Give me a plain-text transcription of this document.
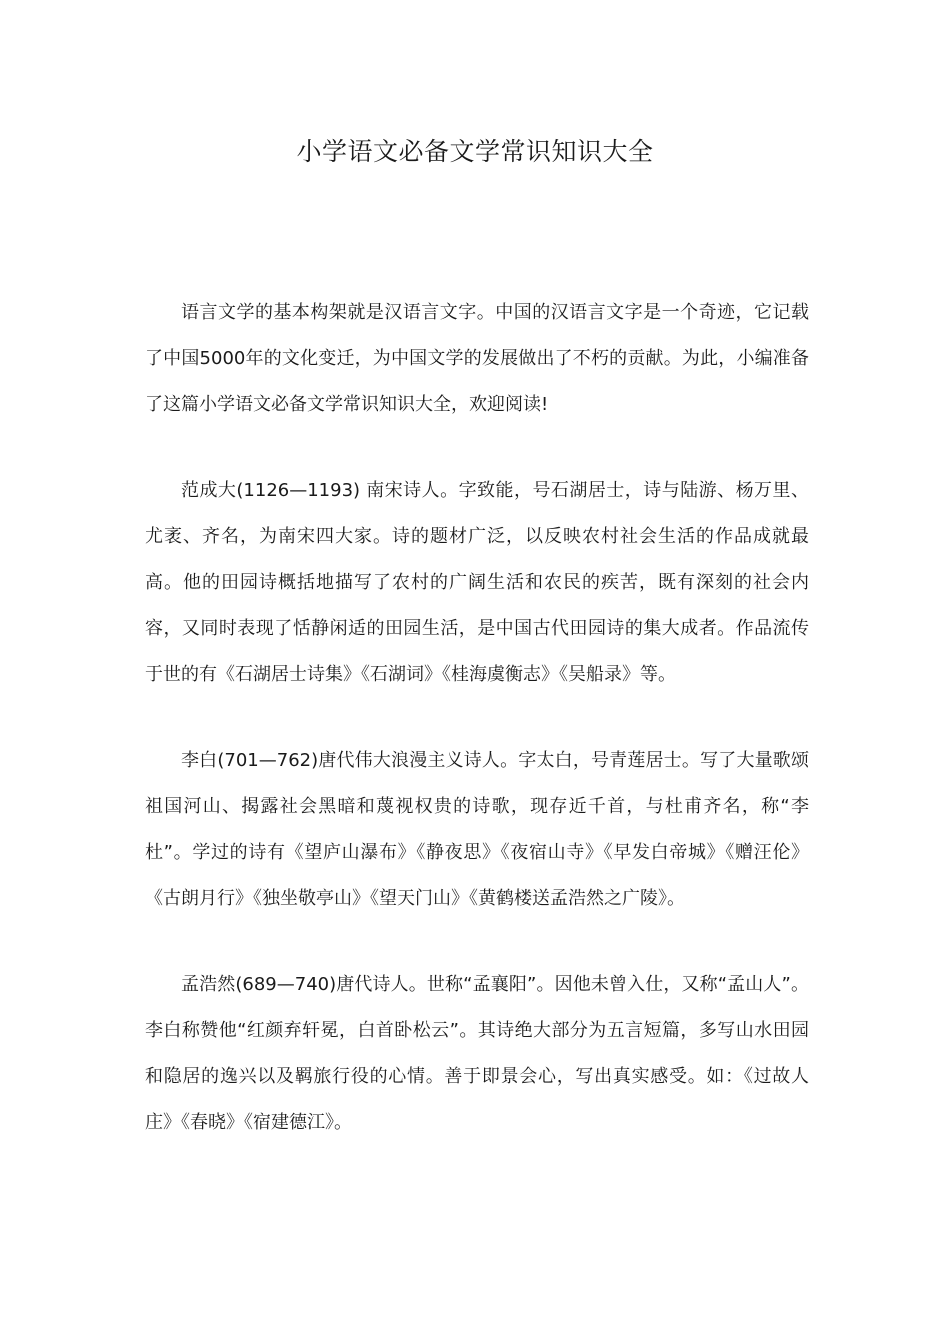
小学语文必备文学常识知识大全

语言文学的基本构架就是汉语言文字。中国的汉语言文字是一个奇迹，它记载了中国5000年的文化变迁，为中国文学的发展做出了不朽的贡献。为此，小编准备了这篇小学语文必备文学常识知识大全，欢迎阅读!

范成大(1126—1193) 南宋诗人。字致能，号石湖居士，诗与陆游、杨万里、尤袤、齐名，为南宋四大家。诗的题材广泛，以反映农村社会生活的作品成就最高。他的田园诗概括地描写了农村的广阔生活和农民的疾苦，既有深刻的社会内容，又同时表现了恬静闲适的田园生活，是中国古代田园诗的集大成者。作品流传于世的有《石湖居士诗集》《石湖词》《桂海虞衡志》《吴船录》等。

李白(701—762)唐代伟大浪漫主义诗人。字太白，号青莲居士。写了大量歌颂祖国河山、揭露社会黑暗和蔑视权贵的诗歌，现存近千首，与杜甫齐名，称“李杜”。学过的诗有《望庐山瀑布》《静夜思》《夜宿山寺》《早发白帝城》《赠汪伦》《古朗月行》《独坐敬亭山》《望天门山》《黄鹤楼送孟浩然之广陵》。

孟浩然(689—740)唐代诗人。世称“孟襄阳”。因他未曾入仕，又称“孟山人”。李白称赞他“红颜弃轩冕，白首卧松云”。其诗绝大部分为五言短篇，多写山水田园和隐居的逸兴以及羁旅行役的心情。善于即景会心，写出真实感受。如：《过故人庄》《春晓》《宿建德江》。
